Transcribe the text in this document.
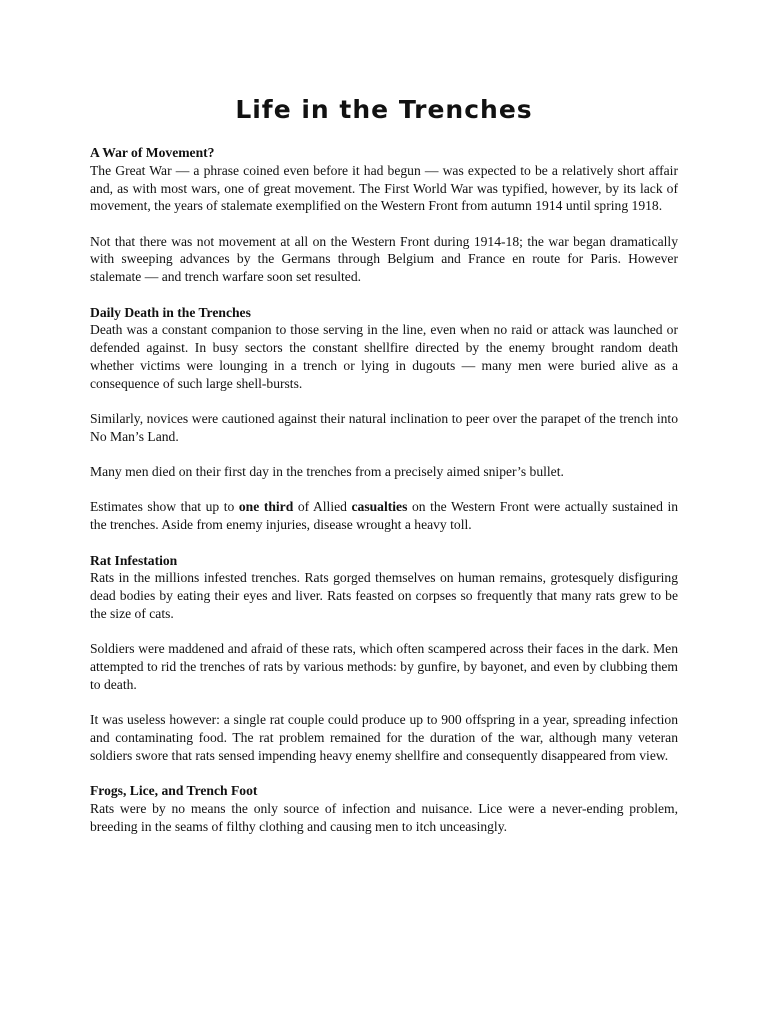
Life in the Trenches
A War of Movement?

The Great War — a phrase coined even before it had begun — was expected to be a relatively short affair and, as with most wars, one of great movement. The First World War was typified, however, by its lack of movement, the years of stalemate exemplified on the Western Front from autumn 1914 until spring 1918.

Not that there was not movement at all on the Western Front during 1914-18; the war began dramatically with sweeping advances by the Germans through Belgium and France en route for Paris. However stalemate — and trench warfare soon set resulted.

Daily Death in the Trenches

Death was a constant companion to those serving in the line, even when no raid or attack was launched or defended against. In busy sectors the constant shellfire directed by the enemy brought random death whether victims were lounging in a trench or lying in dugouts — many men were buried alive as a consequence of such large shell-bursts.

Similarly, novices were cautioned against their natural inclination to peer over the parapet of the trench into No Man’s Land.

Many men died on their first day in the trenches from a precisely aimed sniper’s bullet.

Estimates show that up to one third of Allied casualties on the Western Front were actually sustained in the trenches. Aside from enemy injuries, disease wrought a heavy toll.

Rat Infestation

Rats in the millions infested trenches. Rats gorged themselves on human remains, grotesquely disfiguring dead bodies by eating their eyes and liver. Rats feasted on corpses so frequently that many rats grew to be the size of cats.

Soldiers were maddened and afraid of these rats, which often scampered across their faces in the dark. Men attempted to rid the trenches of rats by various methods: by gunfire, by bayonet, and even by clubbing them to death.

It was useless however: a single rat couple could produce up to 900 offspring in a year, spreading infection and contaminating food. The rat problem remained for the duration of the war, although many veteran soldiers swore that rats sensed impending heavy enemy shellfire and consequently disappeared from view.

Frogs, Lice, and Trench Foot

Rats were by no means the only source of infection and nuisance. Lice were a never-ending problem, breeding in the seams of filthy clothing and causing men to itch unceasingly.
